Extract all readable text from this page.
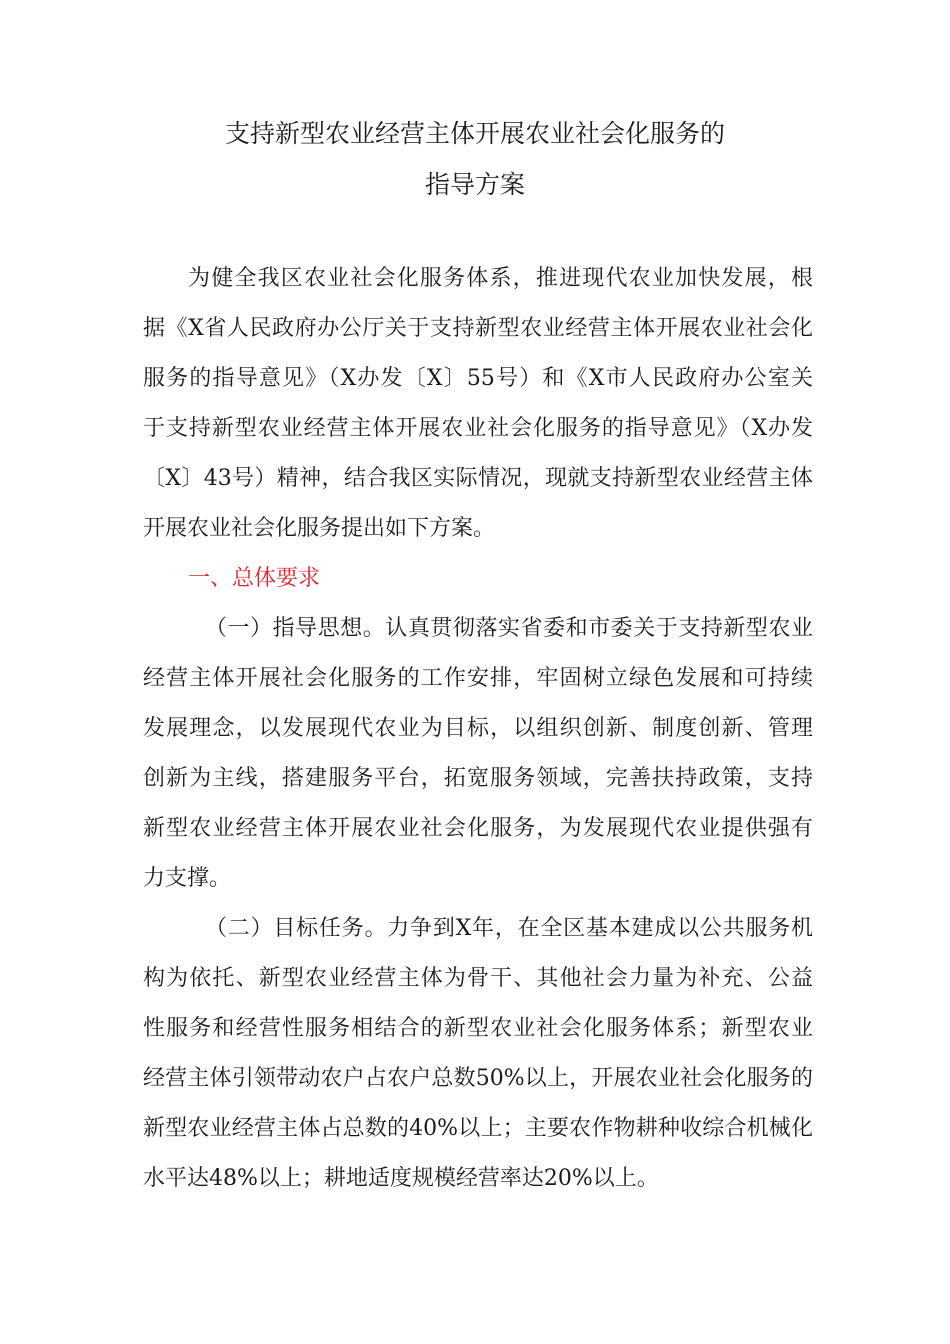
支持新型农业经营主体开展农业社会化服务的
指导方案
为健全我区农业社会化服务体系，推进现代农业加快发展，根
据《X省人民政府办公厅关于支持新型农业经营主体开展农业社会化
服务的指导意见》（X办发〔X〕55号）和《X市人民政府办公室关
于支持新型农业经营主体开展农业社会化服务的指导意见》（X办发
〔X〕43号）精神，结合我区实际情况，现就支持新型农业经营主体
开展农业社会化服务提出如下方案。
一、总体要求
（一）指导思想。认真贯彻落实省委和市委关于支持新型农业
经营主体开展社会化服务的工作安排，牢固树立绿色发展和可持续
发展理念，以发展现代农业为目标，以组织创新、制度创新、管理
创新为主线，搭建服务平台，拓宽服务领域，完善扶持政策，支持
新型农业经营主体开展农业社会化服务，为发展现代农业提供强有
力支撑。
（二）目标任务。力争到X年，在全区基本建成以公共服务机
构为依托、新型农业经营主体为骨干、其他社会力量为补充、公益
性服务和经营性服务相结合的新型农业社会化服务体系；新型农业
经营主体引领带动农户占农户总数50%以上，开展农业社会化服务的
新型农业经营主体占总数的40%以上；主要农作物耕种收综合机械化
水平达48%以上；耕地适度规模经营率达20%以上。
